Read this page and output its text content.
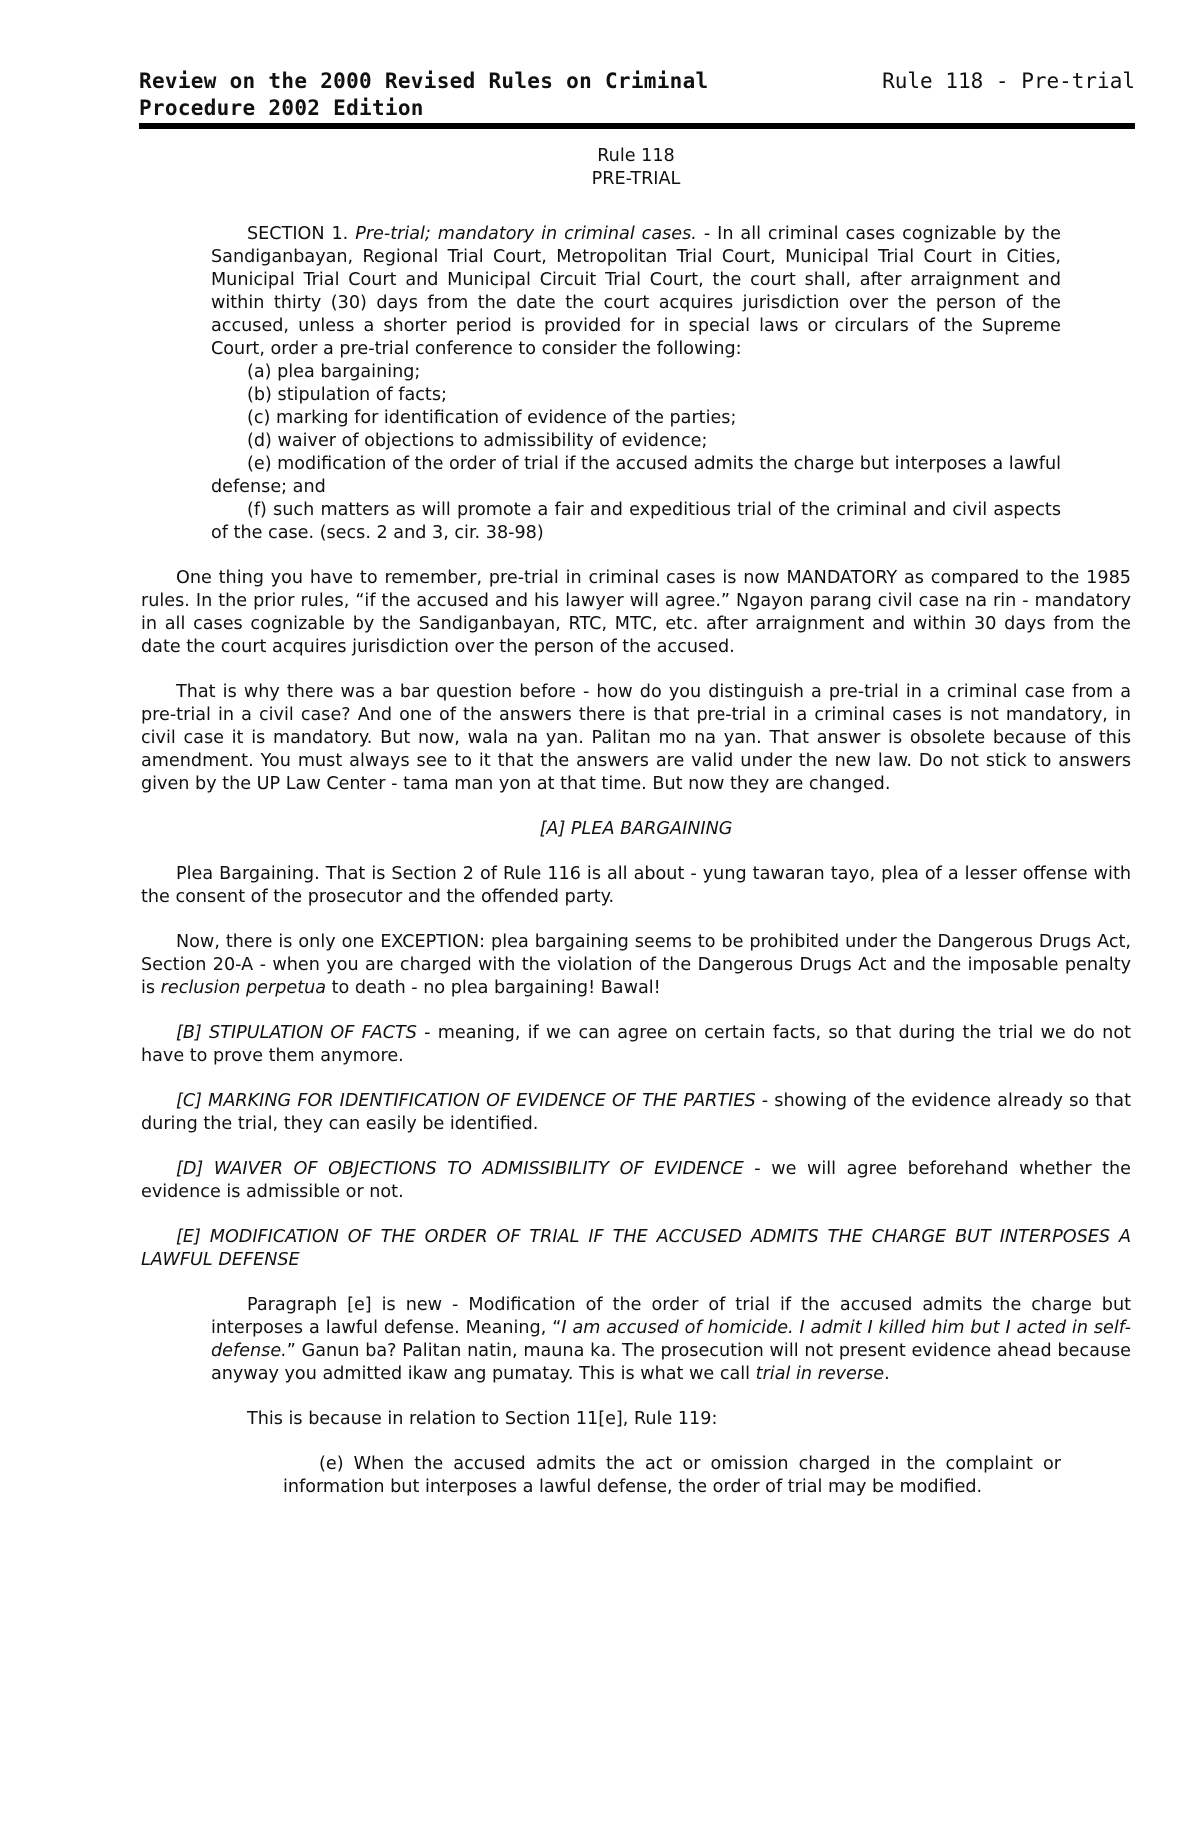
Review on the 2000 Revised Rules on Criminal
Procedure 2002 Edition
Rule 118 - Pre-trial
Rule 118
PRE-TRIAL

SECTION 1. Pre-trial; mandatory in criminal cases. - In all criminal cases cognizable by the Sandiganbayan, Regional Trial Court, Metropolitan Trial Court, Municipal Trial Court in Cities, Municipal Trial Court and Municipal Circuit Trial Court, the court shall, after arraignment and within thirty (30) days from the date the court acquires jurisdiction over the person of the accused, unless a shorter period is provided for in special laws or circulars of the Supreme Court, order a pre-trial conference to consider the following:

(a) plea bargaining;
(b) stipulation of facts;
(c) marking for identification of evidence of the parties;
(d) waiver of objections to admissibility of evidence;
(e) modification of the order of trial if the accused admits the charge but interposes a lawful defense; and
(f) such matters as will promote a fair and expeditious trial of the criminal and civil aspects of the case. (secs. 2 and 3, cir. 38-98)

One thing you have to remember, pre-trial in criminal cases is now MANDATORY as compared to the 1985 rules. In the prior rules, “if the accused and his lawyer will agree.” Ngayon parang civil case na rin - mandatory in all cases cognizable by the Sandiganbayan, RTC, MTC, etc. after arraignment and within 30 days from the date the court acquires jurisdiction over the person of the accused.

That is why there was a bar question before - how do you distinguish a pre-trial in a criminal case from a pre-trial in a civil case? And one of the answers there is that pre-trial in a criminal cases is not mandatory, in civil case it is mandatory. But now, wala na yan. Palitan mo na yan. That answer is obsolete because of this amendment. You must always see to it that the answers are valid under the new law. Do not stick to answers given by the UP Law Center - tama man yon at that time. But now they are changed.

[A] PLEA BARGAINING

Plea Bargaining. That is Section 2 of Rule 116 is all about - yung tawaran tayo, plea of a lesser offense with the consent of the prosecutor and the offended party.

Now, there is only one EXCEPTION: plea bargaining seems to be prohibited under the Dangerous Drugs Act, Section 20-A - when you are charged with the violation of the Dangerous Drugs Act and the imposable penalty is reclusion perpetua to death - no plea bargaining! Bawal!

[B] STIPULATION OF FACTS - meaning, if we can agree on certain facts, so that during the trial we do not have to prove them anymore.

[C] MARKING FOR IDENTIFICATION OF EVIDENCE OF THE PARTIES - showing of the evidence already so that during the trial, they can easily be identified.

[D] WAIVER OF OBJECTIONS TO ADMISSIBILITY OF EVIDENCE - we will agree beforehand whether the evidence is admissible or not.

[E] MODIFICATION OF THE ORDER OF TRIAL IF THE ACCUSED ADMITS THE CHARGE BUT INTERPOSES A LAWFUL DEFENSE

Paragraph [e] is new - Modification of the order of trial if the accused admits the charge but interposes a lawful defense. Meaning, “I am accused of homicide. I admit I killed him but I acted in self-defense.” Ganun ba? Palitan natin, mauna ka. The prosecution will not present evidence ahead because anyway you admitted ikaw ang pumatay. This is what we call trial in reverse.

This is because in relation to Section 11[e], Rule 119:

(e) When the accused admits the act or omission charged in the complaint or information but interposes a lawful defense, the order of trial may be modified.
